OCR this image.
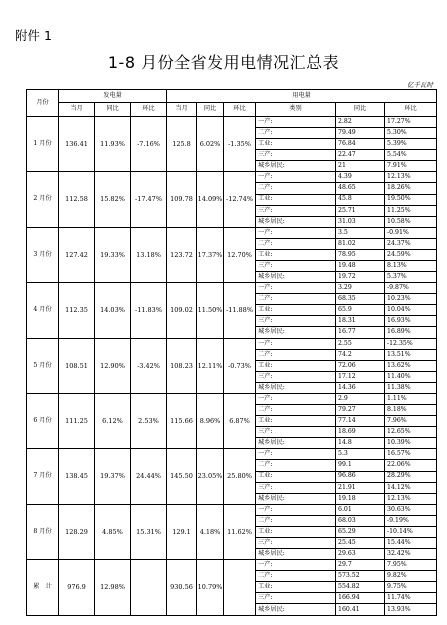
附件 1
1-8 月份全省发用电情况汇总表
亿千瓦时
月份	发电量			用电量						
	当月	同比	环比	当月	同比	环比	类别	同比	环比	
1 月份	136.41	11.93%	-7.16%	125.8	6.02%	-1.35%	一产:	2.82	17.27%	
							二产:	79.49	5.30%	
							工业:	76.84	5.39%	
							三产:	22.47	5.54%	
							城乡居民:	21	7.91%	
2 月份	112.58	15.82%	-17.47%	109.78	14.09%	-12.74%	一产:	4.39	12.13%	
							二产:	48.65	18.26%	
							工业:	45.8	19.50%	
							三产:	25.71	11.25%	
							城乡居民:	31.03	10.58%	
3 月份	127.42	19.33%	13.18%	123.72	17.37%	12.70%	一产:	3.5	-0.91%	
							二产:	81.02	24.37%	
							工业:	78.95	24.59%	
							三产:	19.48	8.13%	
							城乡居民:	19.72	5.37%	
4 月份	112.35	14.03%	-11.83%	109.02	11.50%	-11.88%	一产:	3.29	-9.87%	
							二产:	68.35	10.23%	
							工业:	65.9	10.04%	
							三产:	18.31	16.93%	
							城乡居民:	16.77	16.89%	
5 月份	108.51	12.90%	-3.42%	108.23	12.11%	-0.73%	一产:	2.55	-12.35%	
							二产:	74.2	13.51%	
							工业:	72.06	13.62%	
							三产:	17.12	11.40%	
							城乡居民:	14.36	11.38%	
6 月份	111.25	6.12%	2.53%	115.66	8.96%	6.87%	一产:	2.9	1.11%	
							二产:	79.27	8.18%	
							工业:	77.14	7.96%	
							三产:	18.69	12.65%	
							城乡居民:	14.8	10.39%	
7 月份	138.45	19.37%	24.44%	145.50	23.05%	25.80%	一产:	5.3	16.57%	
							二产:	99.1	22.06%	
							工业:	96.86	28.29%	
							三产:	21.91	14.12%	
							城乡居民:	19.18	12.13%	
8 月份	128.29	4.85%	15.31%	129.1	4.18%	11.62%	一产:	6.01	30.63%	
							二产:	68.03	-9.19%	
							工业:	65.29	-10.14%	
							三产:	25.45	15.44%	
							城乡居民:	29.63	32.42%	
累　计	976.9	12.98%		930.56	10.79%		一产:	29.7	7.95%	
							二产:	573.52	9.82%	
							工业:	554.82	9.75%	
							三产:	166.94	11.74%	
							城乡居民:	160.41	13.93%	
